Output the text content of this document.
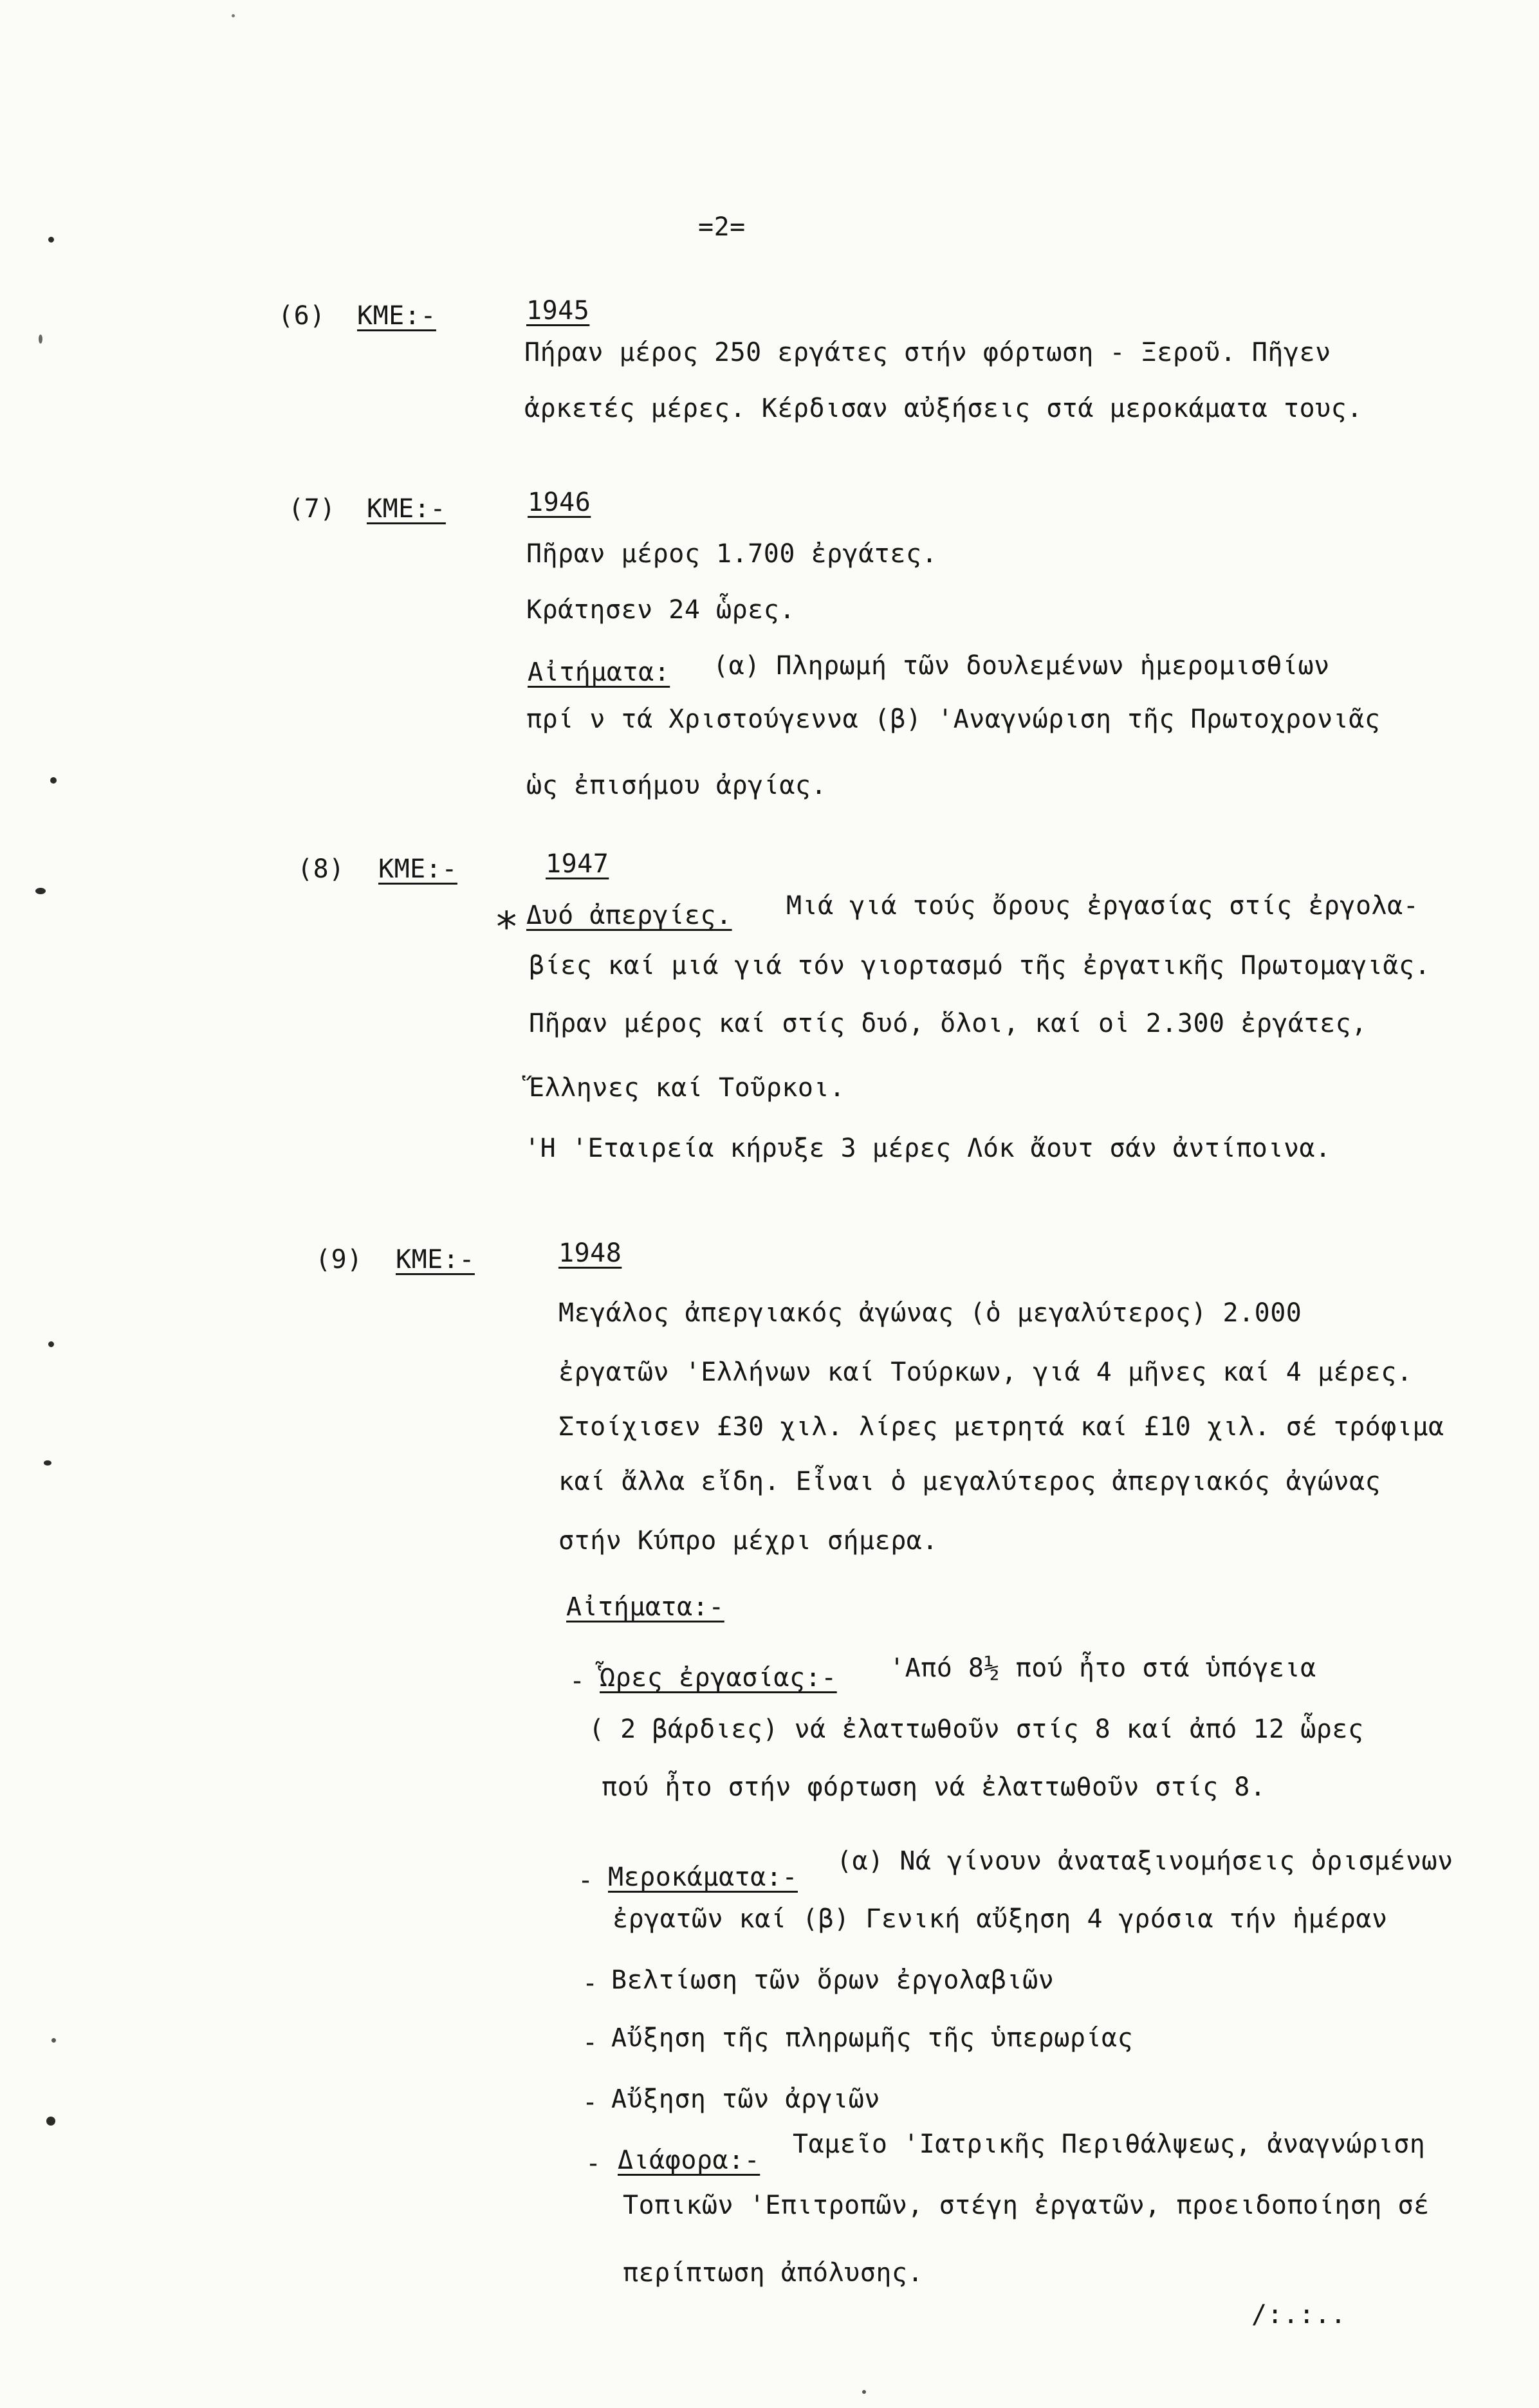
=2=
(6) ΚΜΕ:-	1945
Πήραν μέρος 250 εργάτες στήν φόρτωση - Ξεροῦ. Πῆγεν
ἀρκετές μέρες. Κέρδισαν αὐξήσεις στά μεροκάματα τους.
(7) ΚΜΕ:-	1946
Πῆραν μέρος 1.700 ἐργάτες.
Κράτησεν 24 ὧρες.
Αἰτήματα: (α) Πληρωμή τῶν δουλεμένων ἡμερομισθίων
πρί ν τά Χριστούγεννα (β) 'Αναγνώριση τῆς Πρωτοχρονιᾶς
ὡς ἐπισήμου ἀργίας.
(8) ΚΜΕ:-	1947
* Δυό ἀπεργίες. Μιά γιά τούς ὄρους ἐργασίας στίς ἐργολα-
βίες καί μιά γιά τόν γιορτασμό τῆς ἐργατικῆς Πρωτομαγιᾶς.
Πῆραν μέρος καί στίς δυό, ὅλοι, καί οἱ 2.300 ἐργάτες,
Ἕλληνες καί Τοῦρκοι.
'Η 'Εταιρεία κήρυξε 3 μέρες Λόκ ἄουτ σάν ἀντίποινα.
(9) ΚΜΕ:-	1948
Μεγάλος ἀπεργιακός ἀγώνας (ὁ μεγαλύτερος) 2.000
ἐργατῶν 'Ελλήνων καί Τούρκων, γιά 4 μῆνες καί 4 μέρες.
Στοίχισεν £30 χιλ. λίρες μετρητά καί £10 χιλ. σέ τρόφιμα
καί ἄλλα εἴδη. Εἶναι ὁ μεγαλύτερος ἀπεργιακός ἀγώνας
στήν Κύπρο μέχρι σήμερα.
Αἰτήματα:-
- Ὧρες ἐργασίας:- 'Από 8½ πού ἦτο στά ὑπόγεια
( 2 βάρδιες) νά ἐλαττωθοῦν στίς 8 καί ἀπό 12 ὧρες
πού ἦτο στήν φόρτωση νά ἐλαττωθοῦν στίς 8.
- Μεροκάματα:-
(α) Νά γίνουν ἀναταξινομήσεις ὁρισμένων
ἐργατῶν καί (β) Γενική αὔξηση 4 γρόσια τήν ἡμέραν
- Βελτίωση τῶν ὅρων ἐργολαβιῶν
- Αὔξηση τῆς πληρωμῆς τῆς ὑπερωρίας
- Αὔξηση τῶν ἀργιῶν
- Διάφορα:-
Ταμεῖο 'Ιατρικῆς Περιθάλψεως, ἀναγνώριση
Τοπικῶν 'Επιτροπῶν, στέγη ἐργατῶν, προειδοποίηση σέ
περίπτωση ἀπόλυσης.
/:.:..
